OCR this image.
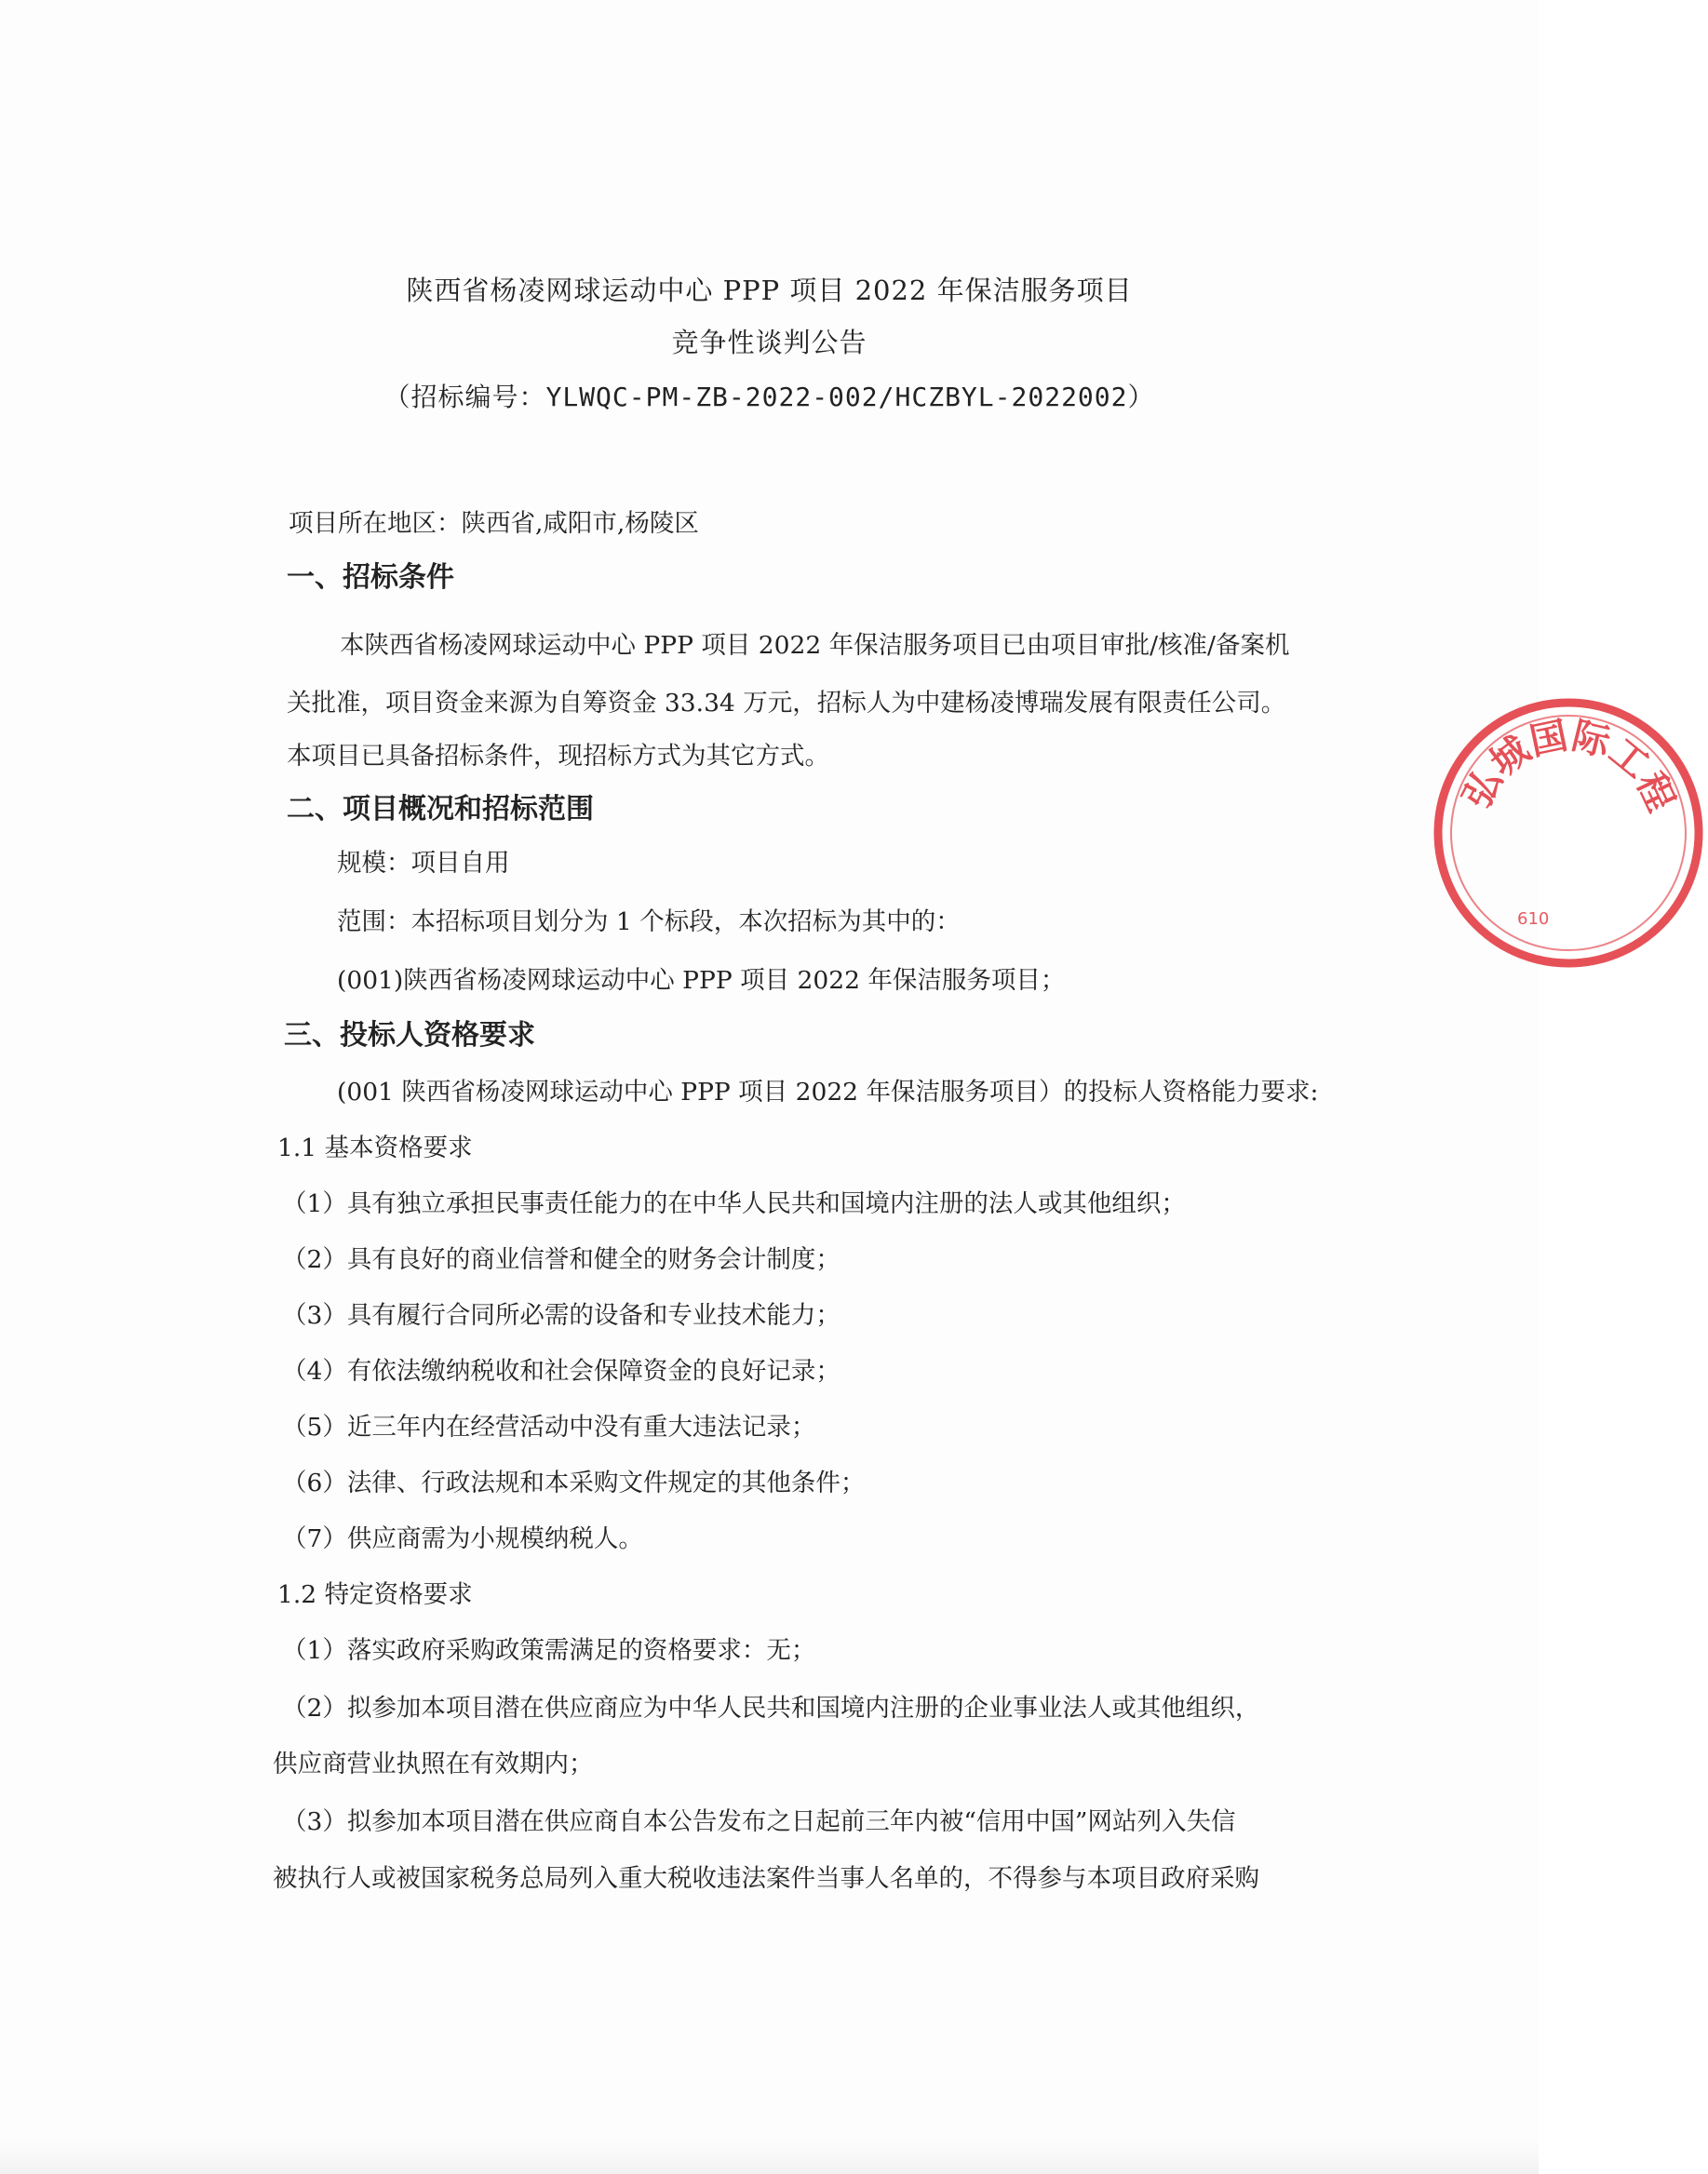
陕西省杨凌网球运动中心 PPP 项目 2022 年保洁服务项目
竞争性谈判公告
（招标编号：YLWQC-PM-ZB-2022-002/HCZBYL-2022002）
项目所在地区：陕西省,咸阳市,杨陵区
一、招标条件
本陕西省杨凌网球运动中心 PPP 项目 2022 年保洁服务项目已由项目审批/核准/备案机
关批准，项目资金来源为自筹资金 33.34 万元，招标人为中建杨凌博瑞发展有限责任公司。
本项目已具备招标条件，现招标方式为其它方式。
二、项目概况和招标范围
规模：项目自用
范围：本招标项目划分为 1 个标段，本次招标为其中的：
(001)陕西省杨凌网球运动中心 PPP 项目 2022 年保洁服务项目；
三、投标人资格要求
(001 陕西省杨凌网球运动中心 PPP 项目 2022 年保洁服务项目）的投标人资格能力要求:
1.1 基本资格要求
（1）具有独立承担民事责任能力的在中华人民共和国境内注册的法人或其他组织；
（2）具有良好的商业信誉和健全的财务会计制度；
（3）具有履行合同所必需的设备和专业技术能力；
（4）有依法缴纳税收和社会保障资金的良好记录；
（5）近三年内在经营活动中没有重大违法记录；
（6）法律、行政法规和本采购文件规定的其他条件；
（7）供应商需为小规模纳税人。
1.2 特定资格要求
（1）落实政府采购政策需满足的资格要求：无；
（2）拟参加本项目潜在供应商应为中华人民共和国境内注册的企业事业法人或其他组织，
供应商营业执照在有效期内；
（3）拟参加本项目潜在供应商自本公告发布之日起前三年内被“信用中国”网站列入失信
被执行人或被国家税务总局列入重大税收违法案件当事人名单的，不得参与本项目政府采购
弘城国际工程
610
